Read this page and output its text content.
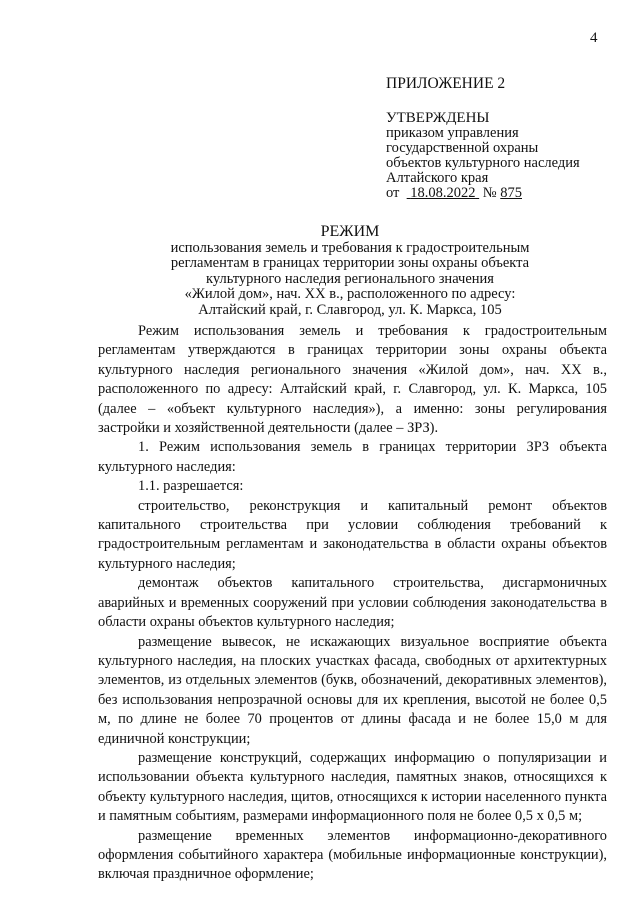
4
ПРИЛОЖЕНИЕ 2
УТВЕРЖДЕНЫ
приказом управления
государственной охраны
объектов культурного наследия
Алтайского края
от 18.08.2022 № 875
РЕЖИМ
использования земель и требования к градостроительным
регламентам в границах территории зоны охраны объекта
культурного наследия регионального значения
«Жилой дом», нач. XX в., расположенного по адресу:
Алтайский край, г. Славгород, ул. К. Маркса, 105

Режим использования земель и требования к градостроительным регламентам утверждаются в границах территории зоны охраны объекта культурного наследия регионального значения «Жилой дом», нач. XX в., расположенного по адресу: Алтайский край, г. Славгород, ул. К. Маркса, 105 (далее – «объект культурного наследия»), а именно: зоны регулирования застройки и хозяйственной деятельности (далее – ЗРЗ).

1. Режим использования земель в границах территории ЗРЗ объекта культурного наследия:

1.1. разрешается:

строительство, реконструкция и капитальный ремонт объектов капитального строительства при условии соблюдения требований к градостроительным регламентам и законодательства в области охраны объектов культурного наследия;

демонтаж объектов капитального строительства, дисгармоничных аварийных и временных сооружений при условии соблюдения законодательства в области охраны объектов культурного наследия;

размещение вывесок, не искажающих визуальное восприятие объекта культурного наследия, на плоских участках фасада, свободных от архитектурных элементов, из отдельных элементов (букв, обозначений, декоративных элементов), без использования непрозрачной основы для их крепления, высотой не более 0,5 м, по длине не более 70 процентов от длины фасада и не более 15,0 м для единичной конструкции;

размещение конструкций, содержащих информацию о популяризации и использовании объекта культурного наследия, памятных знаков, относящихся к объекту культурного наследия, щитов, относящихся к истории населенного пункта и памятным событиям, размерами информационного поля не более 0,5 х 0,5 м;

размещение временных элементов информационно-декоративного оформления событийного характера (мобильные информационные конструкции), включая праздничное оформление;
